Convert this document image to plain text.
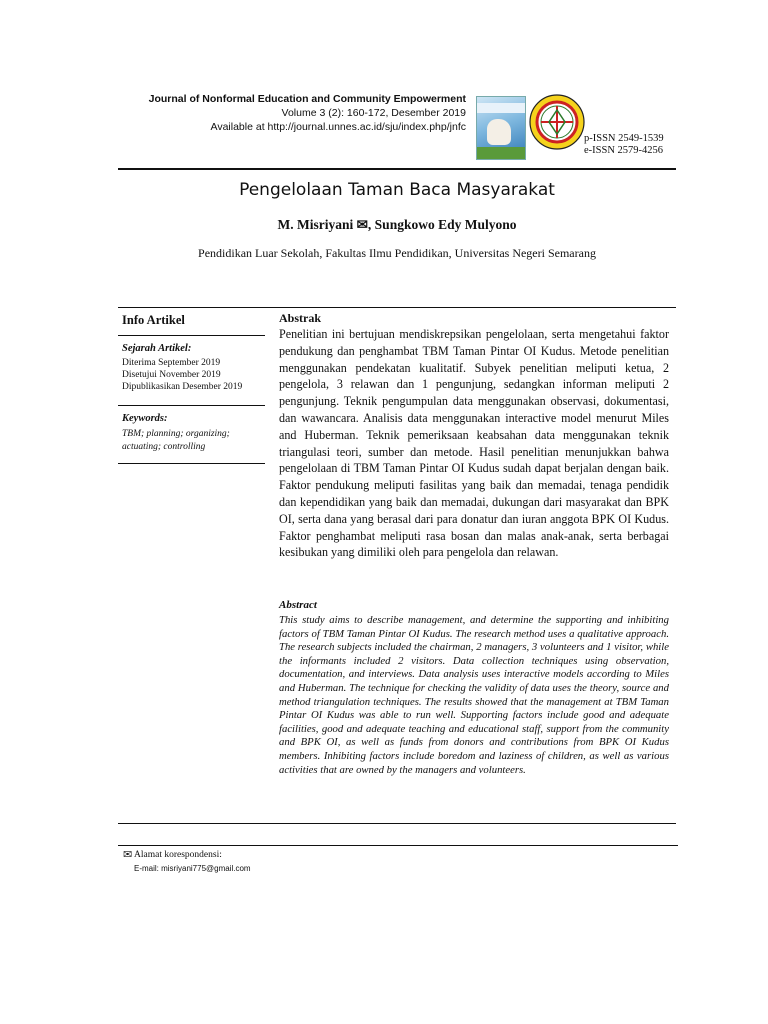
Journal of Nonformal Education and Community Empowerment
Volume 3 (2): 160-172, Desember 2019
Available at http://journal.unnes.ac.id/sju/index.php/jnfc
p-ISSN 2549-1539
e-ISSN 2579-4256
Pengelolaan Taman Baca Masyarakat
M. Misriyani ✉, Sungkowo Edy Mulyono
Pendidikan Luar Sekolah, Fakultas Ilmu Pendidikan, Universitas Negeri Semarang
Info Artikel
Sejarah Artikel:
Diterima September 2019
Disetujui November 2019
Dipublikasikan Desember 2019
Keywords:
TBM; planning; organizing; actuating; controlling
Abstrak
Penelitian ini bertujuan mendiskrepsikan pengelolaan, serta mengetahui faktor pendukung dan penghambat TBM Taman Pintar OI Kudus. Metode penelitian menggunakan pendekatan kualitatif. Subyek penelitian meliputi ketua, 2 pengelola, 3 relawan dan 1 pengunjung, sedangkan informan meliputi 2 pengunjung. Teknik pengumpulan data menggunakan observasi, dokumentasi, dan wawancara. Analisis data menggunakan interactive model menurut Miles and Huberman. Teknik pemeriksaan keabsahan data menggunakan teknik triangulasi teori, sumber dan metode. Hasil penelitian menunjukkan bahwa pengelolaan di TBM Taman Pintar OI Kudus sudah dapat berjalan dengan baik. Faktor pendukung meliputi fasilitas yang baik dan memadai, tenaga pendidik dan kependidikan yang baik dan memadai, dukungan dari masyarakat dan BPK OI, serta dana yang berasal dari para donatur dan iuran anggota BPK OI Kudus. Faktor penghambat meliputi rasa bosan dan malas anak-anak, serta berbagai kesibukan yang dimiliki oleh para pengelola dan relawan.
Abstract
This study aims to describe management, and determine the supporting and inhibiting factors of TBM Taman Pintar OI Kudus. The research method uses a qualitative approach. The research subjects included the chairman, 2 managers, 3 volunteers and 1 visitor, while the informants included 2 visitors. Data collection techniques using observation, documentation, and interviews. Data analysis uses interactive models according to Miles and Huberman. The technique for checking the validity of data uses the theory, source and method triangulation techniques. The results showed that the management at TBM Taman Pintar OI Kudus was able to run well. Supporting factors include good and adequate facilities, good and adequate teaching and educational staff, support from the community and BPK OI, as well as funds from donors and contributions from BPK OI Kudus members. Inhibiting factors include boredom and laziness of children, as well as various activities that are owned by the managers and volunteers.
✉ Alamat korespondensi:
E-mail: misriyani775@gmail.com
